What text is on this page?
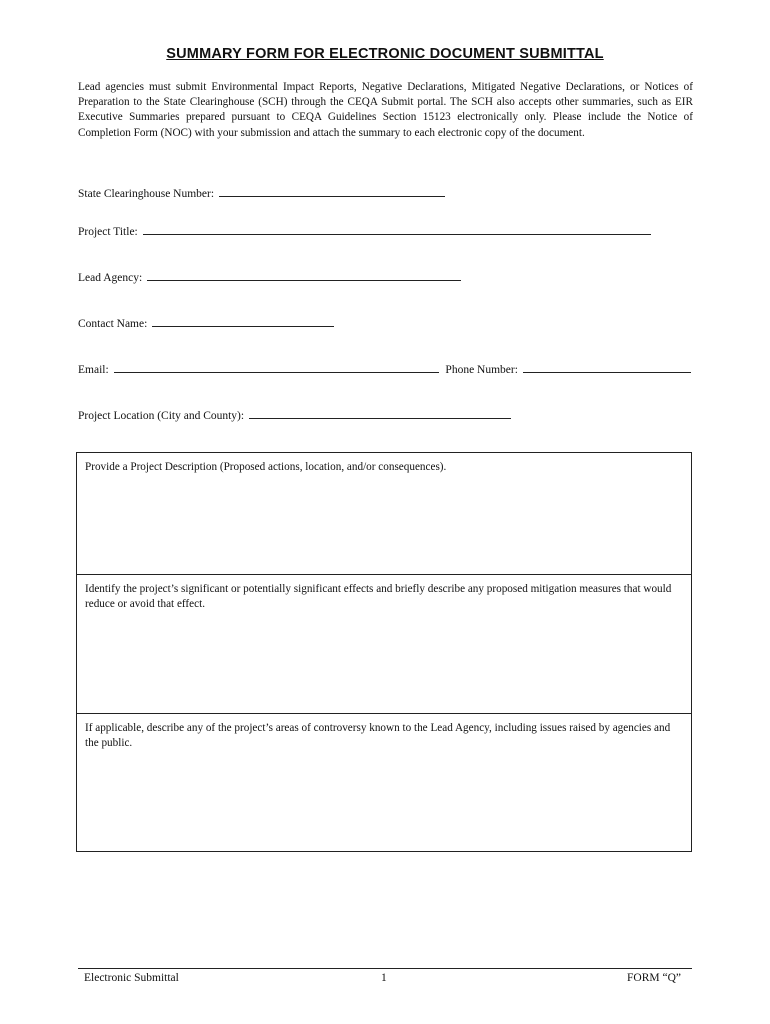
SUMMARY FORM FOR ELECTRONIC DOCUMENT SUBMITTAL
Lead agencies must submit Environmental Impact Reports, Negative Declarations, Mitigated Negative Declarations, or Notices of Preparation to the State Clearinghouse (SCH) through the CEQA Submit portal. The SCH also accepts other summaries, such as EIR Executive Summaries prepared pursuant to CEQA Guidelines Section 15123 electronically only. Please include the Notice of Completion Form (NOC) with your submission and attach the summary to each electronic copy of the document.
State Clearinghouse Number:
Project Title:
Lead Agency:
Contact Name:
Email:	Phone Number:
Project Location (City and County):
Provide a Project Description (Proposed actions, location, and/or consequences).
Identify the project’s significant or potentially significant effects and briefly describe any proposed mitigation measures that would reduce or avoid that effect.
If applicable, describe any of the project’s areas of controversy known to the Lead Agency, including issues raised by agencies and the public.
Electronic Submittal	1	FORM “Q”
